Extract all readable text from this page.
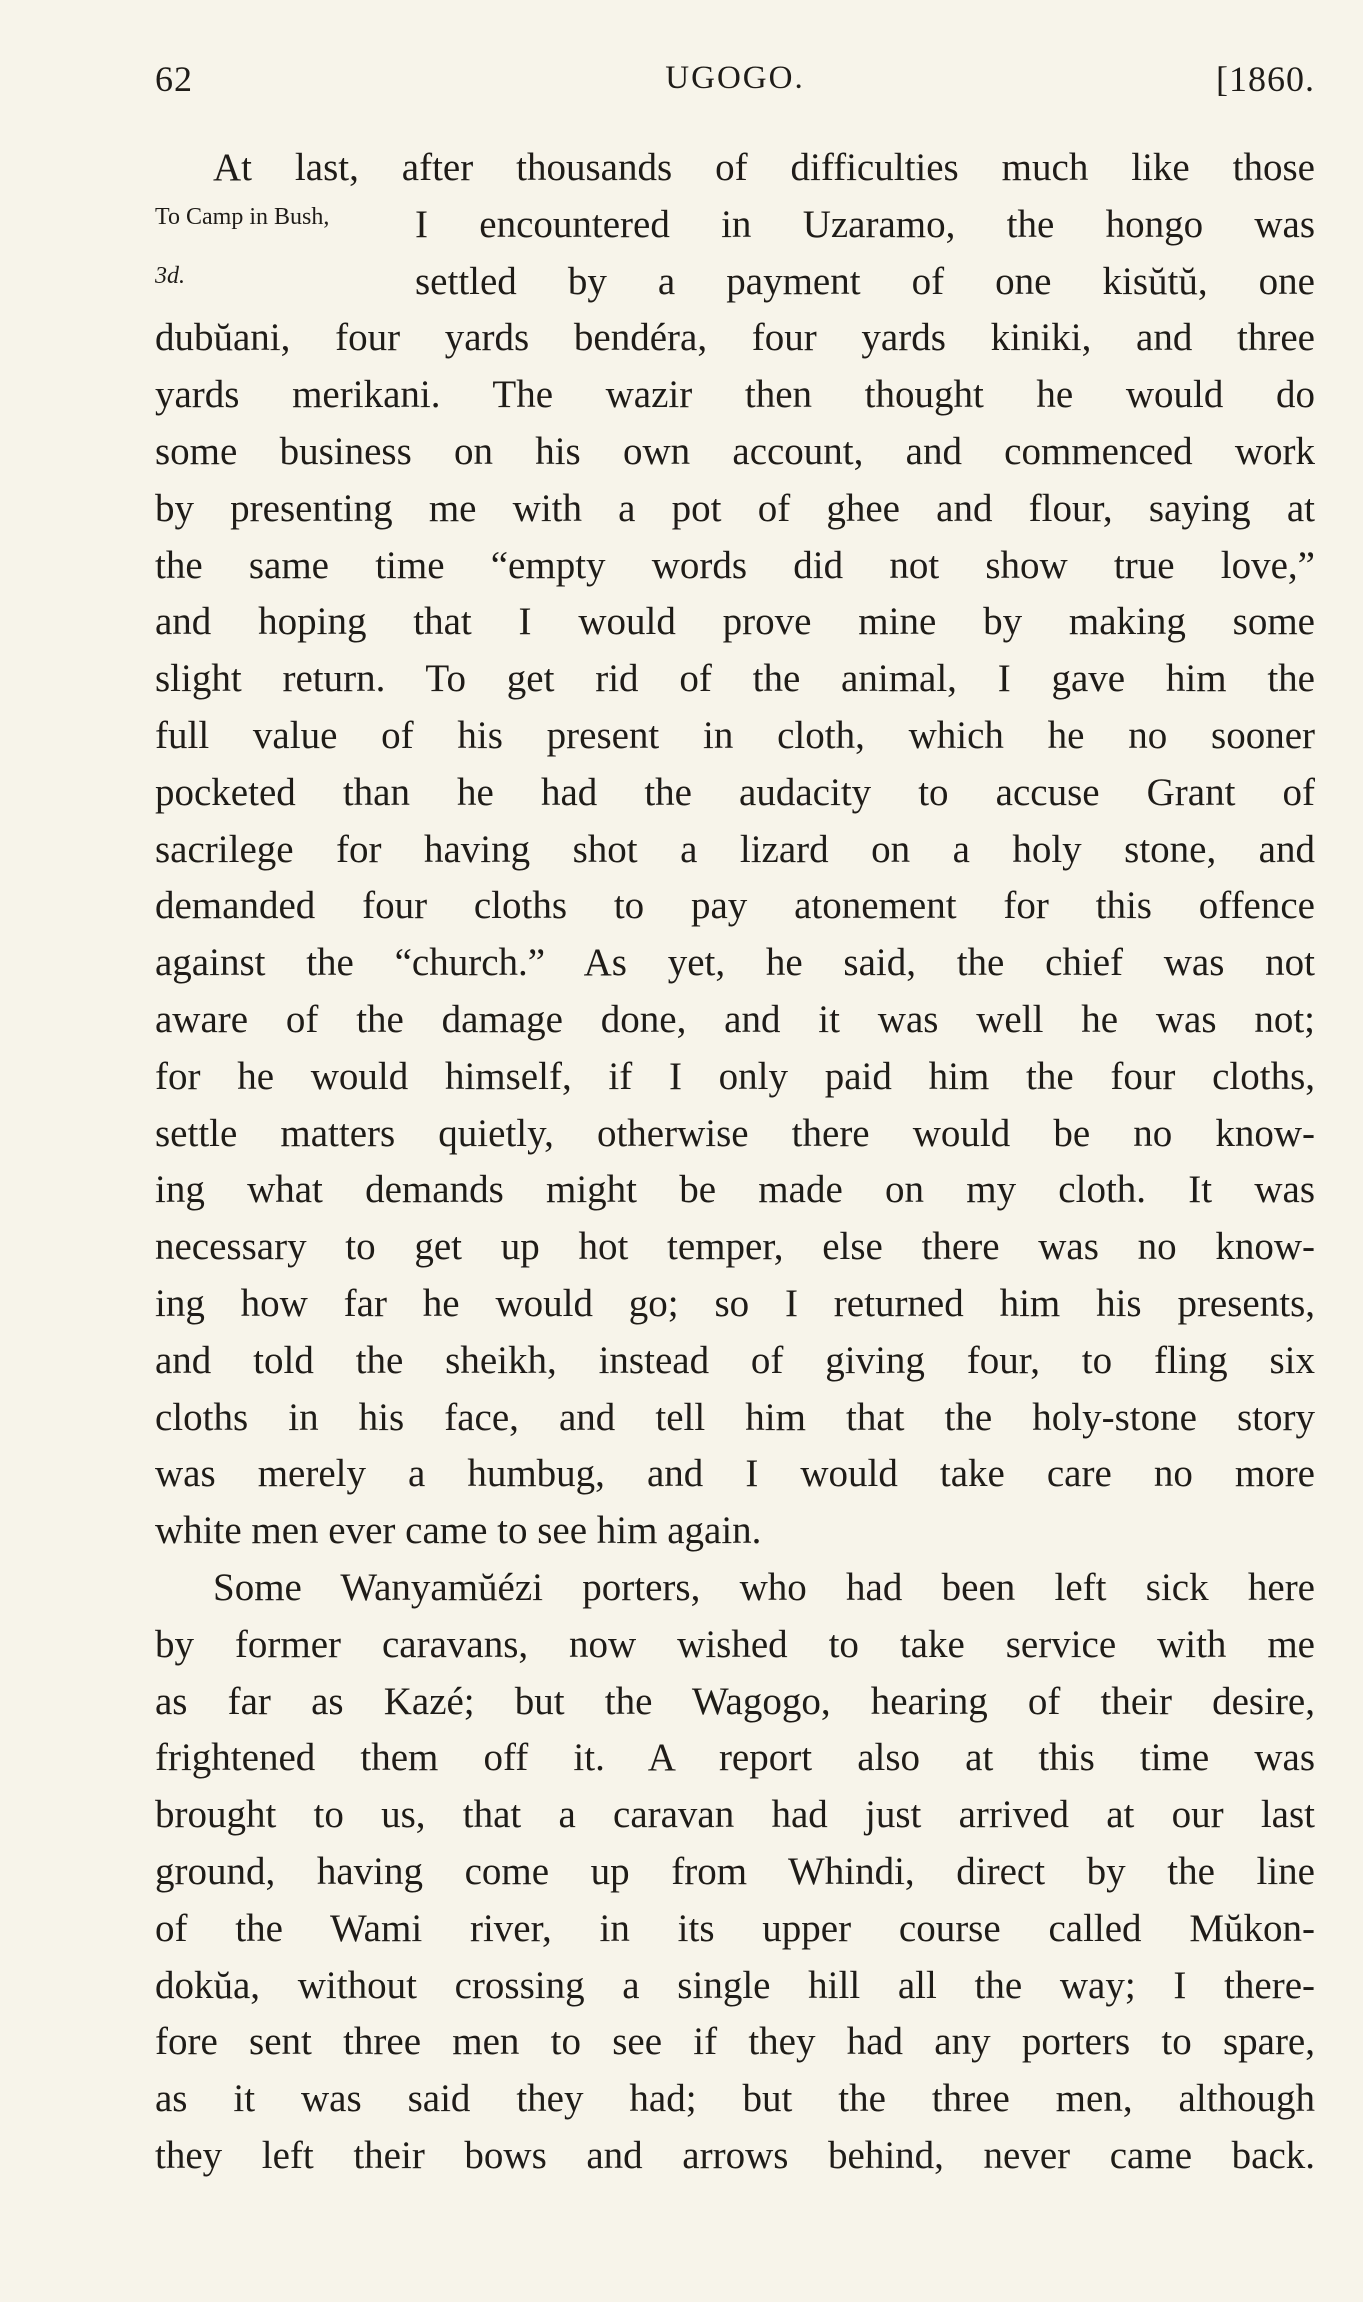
62	UGOGO.	[1860.
At last, after thousands of difficulties much like those
To Camp in Bush, I encountered in Uzaramo, the hongo was
3d.	settled by a payment of one kisŭtŭ, one
dubŭani, four yards bendéra, four yards kiniki, and three
yards merikani. The wazir then thought he would do
some business on his own account, and commenced work
by presenting me with a pot of ghee and flour, saying at
the same time “empty words did not show true love,”
and hoping that I would prove mine by making some
slight return. To get rid of the animal, I gave him the
full value of his present in cloth, which he no sooner
pocketed than he had the audacity to accuse Grant of
sacrilege for having shot a lizard on a holy stone, and
demanded four cloths to pay atonement for this offence
against the “church.” As yet, he said, the chief was not
aware of the damage done, and it was well he was not;
for he would himself, if I only paid him the four cloths,
settle matters quietly, otherwise there would be no know-
ing what demands might be made on my cloth. It was
necessary to get up hot temper, else there was no know-
ing how far he would go; so I returned him his presents,
and told the sheikh, instead of giving four, to fling six
cloths in his face, and tell him that the holy-stone story
was merely a humbug, and I would take care no more
white men ever came to see him again.
Some Wanyamŭézi porters, who had been left sick here
by former caravans, now wished to take service with me
as far as Kazé; but the Wagogo, hearing of their desire,
frightened them off it. A report also at this time was
brought to us, that a caravan had just arrived at our last
ground, having come up from Whindi, direct by the line
of the Wami river, in its upper course called Mŭkon-
dokŭa, without crossing a single hill all the way; I there-
fore sent three men to see if they had any porters to spare,
as it was said they had; but the three men, although
they left their bows and arrows behind, never came back.
